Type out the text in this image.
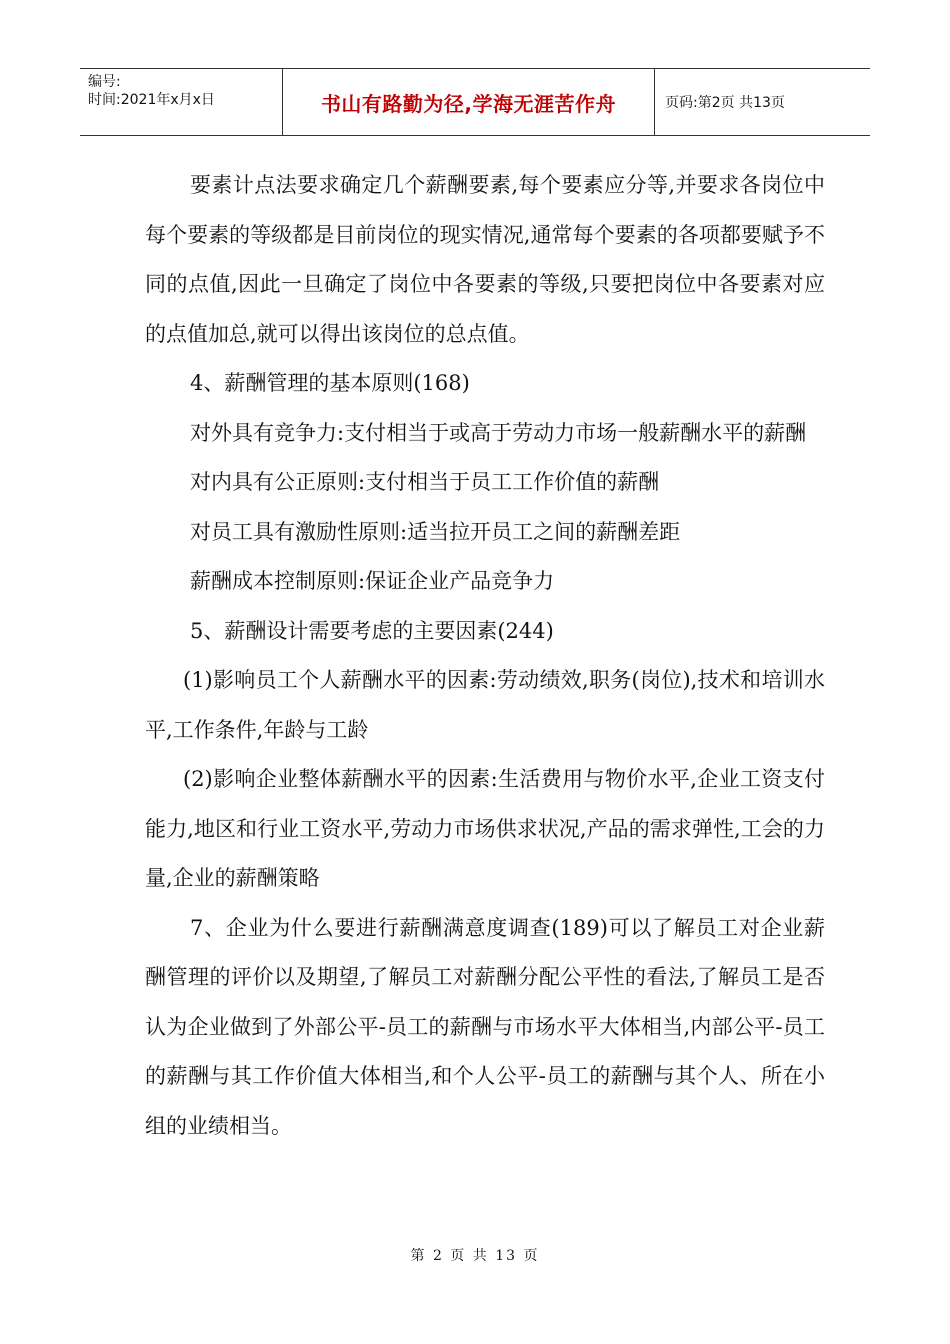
编号:
时间:2021年x月x日	书山有路勤为径,学海无涯苦作舟	页码:第2页 共13页

要素计点法要求确定几个薪酬要素,每个要素应分等,并要求各岗位中每个要素的等级都是目前岗位的现实情况,通常每个要素的各项都要赋予不同的点值,因此一旦确定了岗位中各要素的等级,只要把岗位中各要素对应的点值加总,就可以得出该岗位的总点值。

4、薪酬管理的基本原则(168)

对外具有竞争力:支付相当于或高于劳动力市场一般薪酬水平的薪酬

对内具有公正原则:支付相当于员工工作价值的薪酬

对员工具有激励性原则:适当拉开员工之间的薪酬差距

薪酬成本控制原则:保证企业产品竞争力

5、薪酬设计需要考虑的主要因素(244)

(1)影响员工个人薪酬水平的因素:劳动绩效,职务(岗位),技术和培训水平,工作条件,年龄与工龄

(2)影响企业整体薪酬水平的因素:生活费用与物价水平,企业工资支付能力,地区和行业工资水平,劳动力市场供求状况,产品的需求弹性,工会的力量,企业的薪酬策略

7、企业为什么要进行薪酬满意度调查(189)可以了解员工对企业薪酬管理的评价以及期望,了解员工对薪酬分配公平性的看法,了解员工是否认为企业做到了外部公平-员工的薪酬与市场水平大体相当,内部公平-员工的薪酬与其工作价值大体相当,和个人公平-员工的薪酬与其个人、所在小组的业绩相当。

第 2 页 共 13 页
